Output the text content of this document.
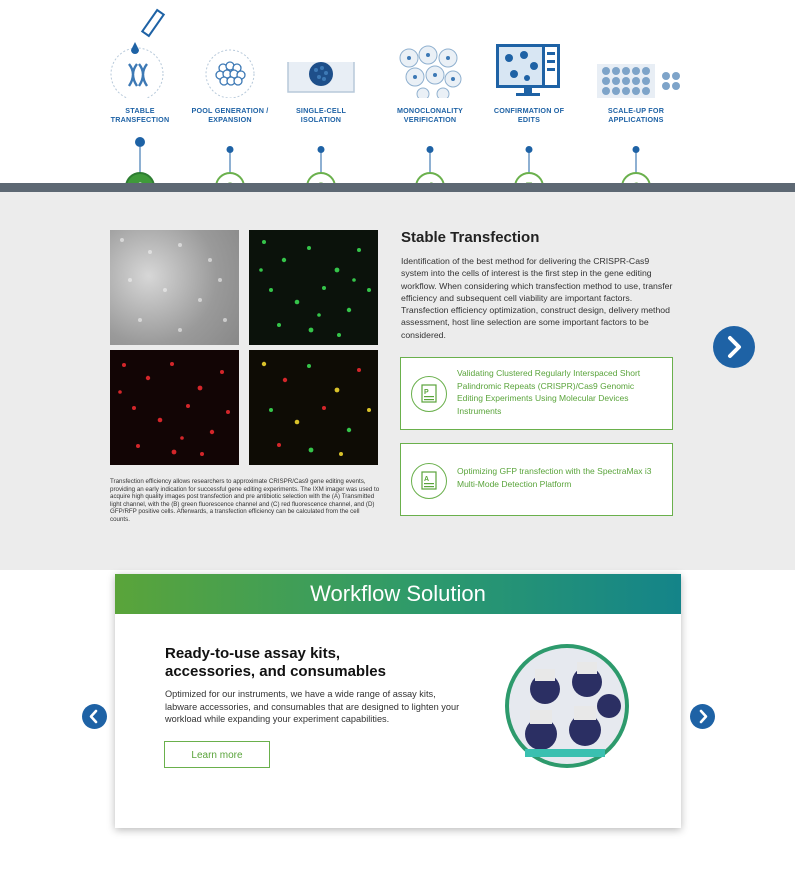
STABLE
TRANSFECTION
POOL GENERATION /
EXPANSION
SINGLE-CELL
ISOLATION
MONOCLONALITY
VERIFICATION
CONFIRMATION OF
EDITS
SCALE-UP FOR
APPLICATIONS
Transfection efficiency allows researchers to approximate CRISPR/Cas9 gene editing events, providing an early indication for successful gene editing experiments. The IXM imager was used to acquire high quality images post transfection and pre antibiotic selection with the (A) Transmitted light channel, with the (B) green fluorescence channel and (C) red fluorescence channel, and (D) GFP/RFP positive cells. Afterwards, a transfection efficiency can be calculated from the cell counts.
Stable Transfection
Identification of the best method for delivering the CRISPR-Cas9 system into the cells of interest is the first step in the gene editing workflow. When considering which transfection method to use, transfer efficiency and subsequent cell viability are important factors. Transfection efficiency optimization, construct design, delivery method assessment, host line selection are some important factors to be considered.
P
Validating Clustered Regularly Interspaced Short Palindromic Repeats (CRISPR)/Cas9 Genomic Editing Experiments Using Molecular Devices Instruments
A
Optimizing GFP transfection with the SpectraMax i3 Multi-Mode Detection Platform
Workflow Solution
Ready-to-use assay kits, accessories, and consumables
Optimized for our instruments, we have a wide range of assay kits, labware accessories, and consumables that are designed to lighten your workload while expanding your experiment capabilities.
Learn more
